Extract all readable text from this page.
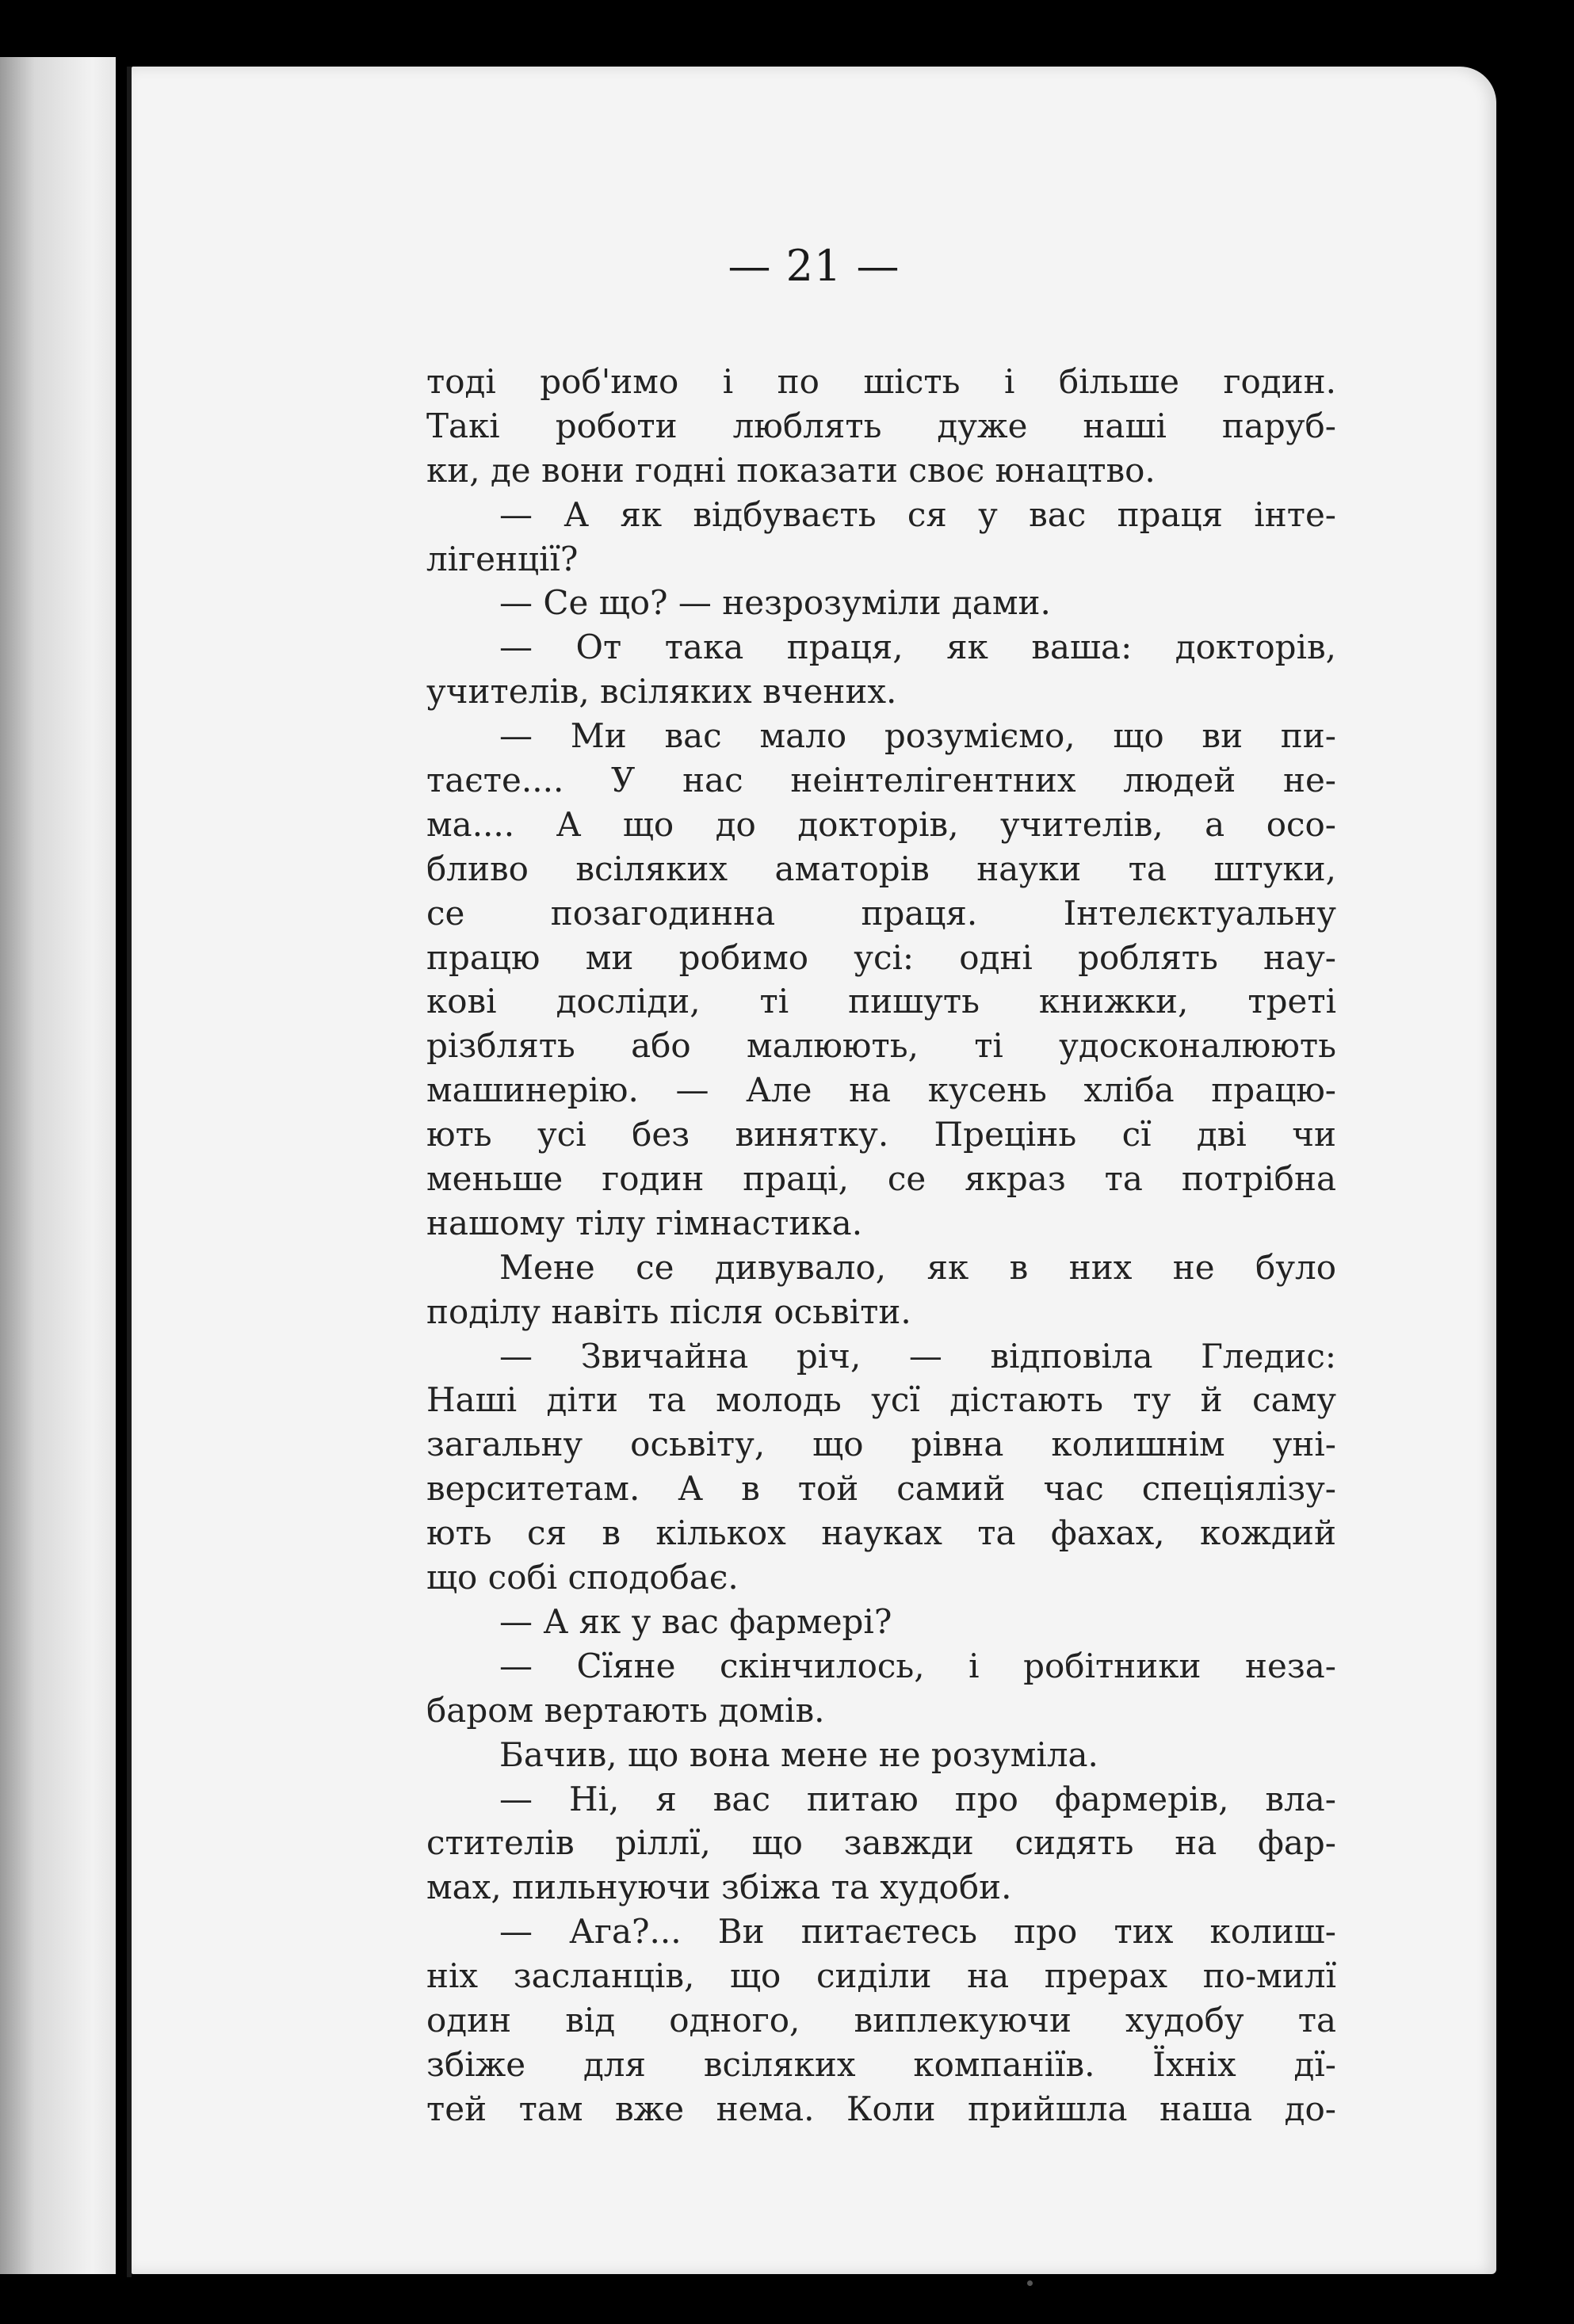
— 21 —
тоді роб'имо і по шість і більше годин.
Такі роботи люблять дуже наші паруб-
ки, де вони годні показати своє юнацтво.
— А як відбуваєть ся у вас праця інте-
лігенції?
— Се що? — незрозуміли дами.
— От така праця, як ваша: докторів,
учителів, всіляких вчених.
— Ми вас мало розуміємо, що ви пи-
таєте.... У нас неінтелігентних людей не-
ма.... А що до докторів, учителів, а осо-
бливо всіляких аматорів науки та штуки,
се позагодинна праця. Інтелєктуальну
працю ми робимо усі: одні роблять нау-
кові досліди, ті пишуть книжки, треті
різблять або малюють, ті удосконалюють
машинерію. — Але на кусень хліба працю-
ють усі без винятку. Прецінь сї дві чи
меньше годин праці, се якраз та потрібна
нашому тілу гімнастика.
Мене се дивувало, як в них не було
поділу навіть після осьвіти.
— Звичайна річ, — відповіла Гледис:
Наші діти та молодь усї дістають ту й саму
загальну осьвіту, що рівна колишнім уні-
верситетам. А в той самий час спеціялізу-
ють ся в кількох науках та фахах, кождий
що собі сподобає.
— А як у вас фармері?
— Сїяне скінчилось, і робітники неза-
баром вертають домів.
Бачив, що вона мене не розуміла.
— Ні, я вас питаю про фармерів, вла-
стителів ріллї, що завжди сидять на фар-
мах, пильнуючи збіжа та худоби.
— Ага?... Ви питаєтесь про тих колиш-
ніх засланців, що сиділи на прерах по-милї
один від одного, виплекуючи худобу та
збіже для всіляких компаніїв. Їхніх дї-
тей там вже нема. Коли прийшла наша до-
